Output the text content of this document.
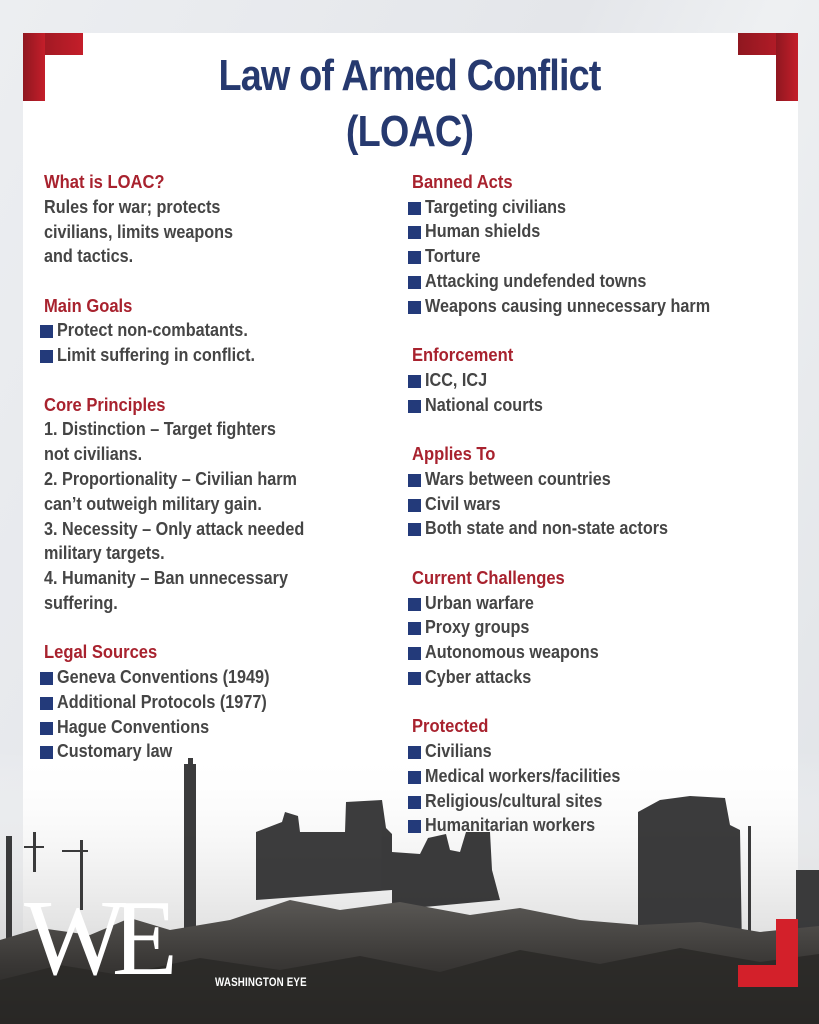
Law of Armed Conflict
(LOAC)
What is LOAC?
Rules for war; protects
civilians, limits weapons
and tactics.
Main Goals
Protect non-combatants.
Limit suffering in conflict.
Core Principles
1. Distinction – Target fighters
not civilians.
2. Proportionality – Civilian harm
can’t outweigh military gain.
3. Necessity – Only attack needed
military targets.
4. Humanity – Ban unnecessary
suffering.
Legal Sources
Geneva Conventions (1949)
Additional Protocols (1977)
Hague Conventions
Customary law
Banned Acts
Targeting civilians
Human shields
Torture
Attacking undefended towns
Weapons causing unnecessary harm
Enforcement
ICC, ICJ
National courts
Applies To
Wars between countries
Civil wars
Both state and non-state actors
Current Challenges
Urban warfare
Proxy groups
Autonomous weapons
Cyber attacks
Protected
Civilians
Medical workers/facilities
Religious/cultural sites
Humanitarian workers
WE	WASHINGTON EYE
